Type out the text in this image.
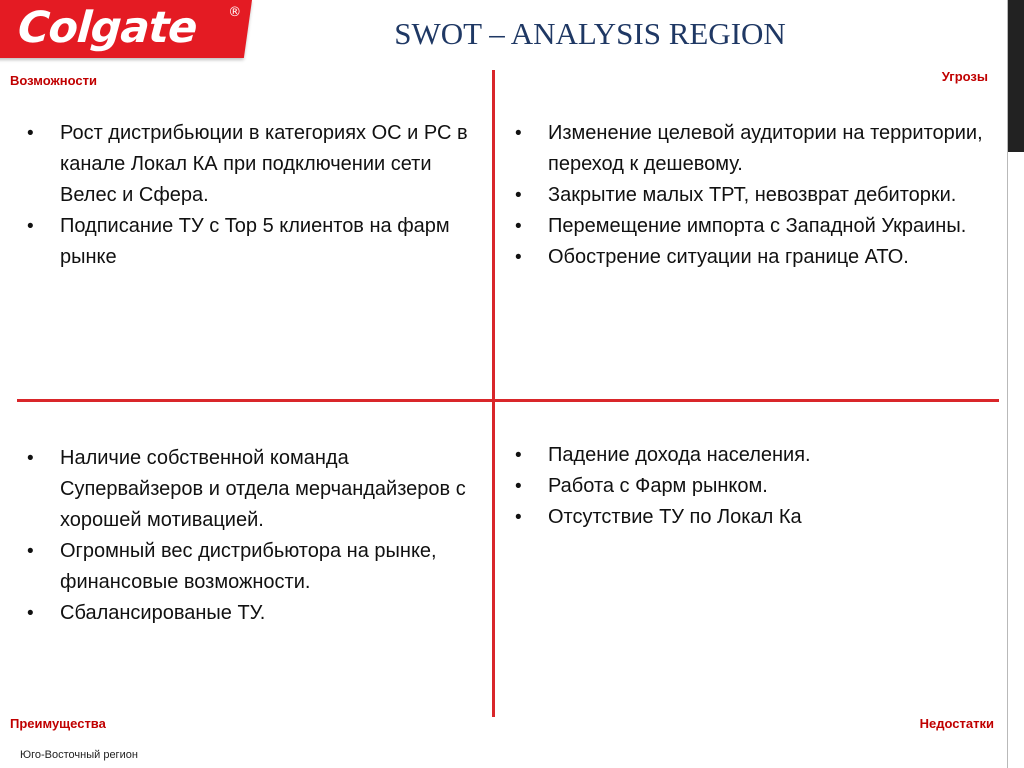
Colgate ®
SWOT – ANALYSIS REGION
Возможности	Угрозы
• Рост дистрибьюции в категориях ОС и РС в канале Локал КА при подключении сети Велес и Сфера.
• Подписание ТУ с Top 5 клиентов на фарм рынке
• Изменение целевой аудитории на территории, переход к дешевому.
• Закрытие малых ТРТ, невозврат дебиторки.
• Перемещение импорта с Западной Украины.
• Обострение ситуации на границе АТО.
• Наличие собственной команда Супервайзеров и отдела мерчандайзеров с хорошей мотивацией.
• Огромный вес дистрибьютора на рынке, финансовые возможности.
• Сбалансированые ТУ.
• Падение дохода населения.
• Работа с Фарм рынком.
• Отсутствие ТУ по Локал Ка
Преимущества	Недостатки
Юго-Восточный регион
